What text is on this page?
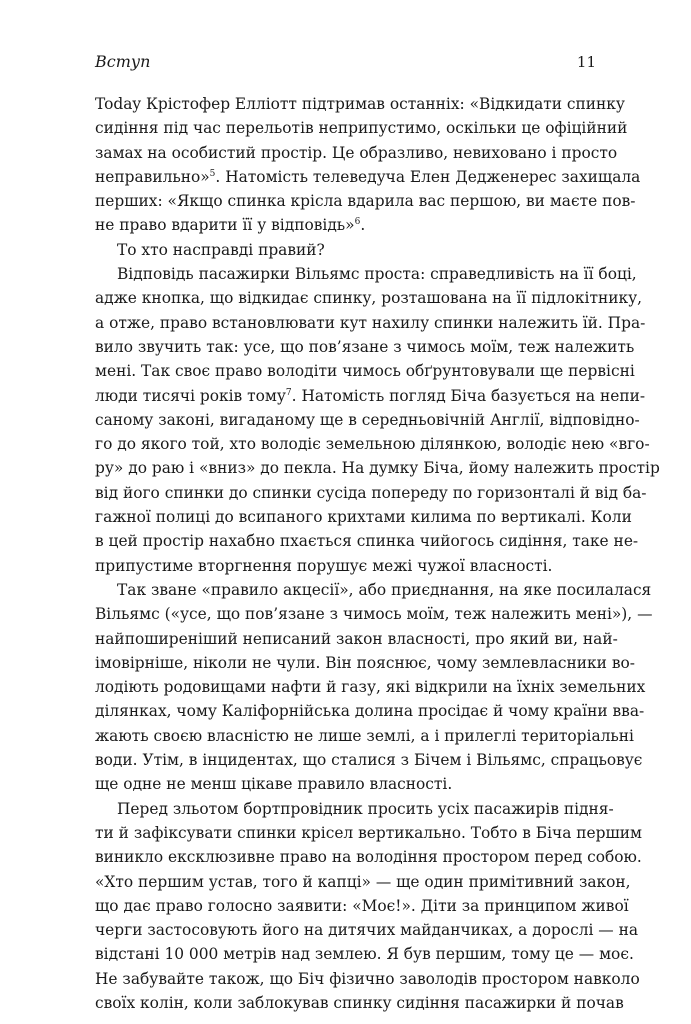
Вступ	11
Today Крістофер Еллiотт підтримав останніх: «Відкидати спинку
сидіння під час перельотів неприпустимо, оскільки це офіційний
замах на особистий простір. Це образливо, невиховано і просто
неправильно»$^5$. Натомість телеведуча Елен Дедженерес захищала
перших: «Якщо спинка крісла вдарила вас першою, ви маєте пов-
не право вдарити її у відповідь»$^6$.
То хто насправді правий?
Відповідь пасажирки Вільямс проста: справедливість на її боці,
адже кнопка, що відкидає спинку, розташована на її підлокітнику,
а отже, право встановлювати кут нахилу спинки належить їй. Пра-
вило звучить так: усе, що пов’язане з чимось моїм, теж належить
мені. Так своє право володіти чимось обґрунтовували ще первісні
люди тисячі років тому$^7$. Натомість погляд Біча базується на непи-
саному законі, вигаданому ще в середньовічній Англії, відповідно-
го до якого той, хто володіє земельною ділянкою, володіє нею «вго-
ру» до раю і «вниз» до пекла. На думку Біча, йому належить простір
від його спинки до спинки сусіда попереду по горизонталі й від ба-
гажної полиці до всипаного крихтами килима по вертикалі. Коли
в цей простір нахабно пхається спинка чийогось сидіння, таке не-
припустиме вторгнення порушує межі чужої власності.
Так зване «правило акцесії», або приєднання, на яке посилалася
Вільямс («усе, що пов’язане з чимось моїм, теж належить мені»), —
найпоширеніший неписаний закон власності, про який ви, най-
імовірніше, ніколи не чули. Він пояснює, чому землевласники во-
лодіють родовищами нафти й газу, які відкрили на їхніх земельних
ділянках, чому Каліфорнійська долина просідає й чому країни вва-
жають своєю власністю не лише землі, а і прилеглі територіальні
води. Утім, в інцидентах, що сталися з Бічем і Вільямс, спрацьовує
ще одне не менш цікаве правило власності.
Перед зльотом бортпровідник просить усіх пасажирів підня-
ти й зафіксувати спинки крісел вертикально. Тобто в Біча першим
виникло ексклюзивне право на володіння простором перед собою.
«Хто першим устав, того й капці» — ще один примітивний закон,
що дає право голосно заявити: «Моє!». Діти за принципом живої
черги застосовують його на дитячих майданчиках, а дорослі — на
відстані 10 000 метрів над землею. Я був першим, тому це — моє.
Не забувайте також, що Біч фізично заволодів простором навколо
своїх колін, коли заблокував спинку сидіння пасажирки й почав
